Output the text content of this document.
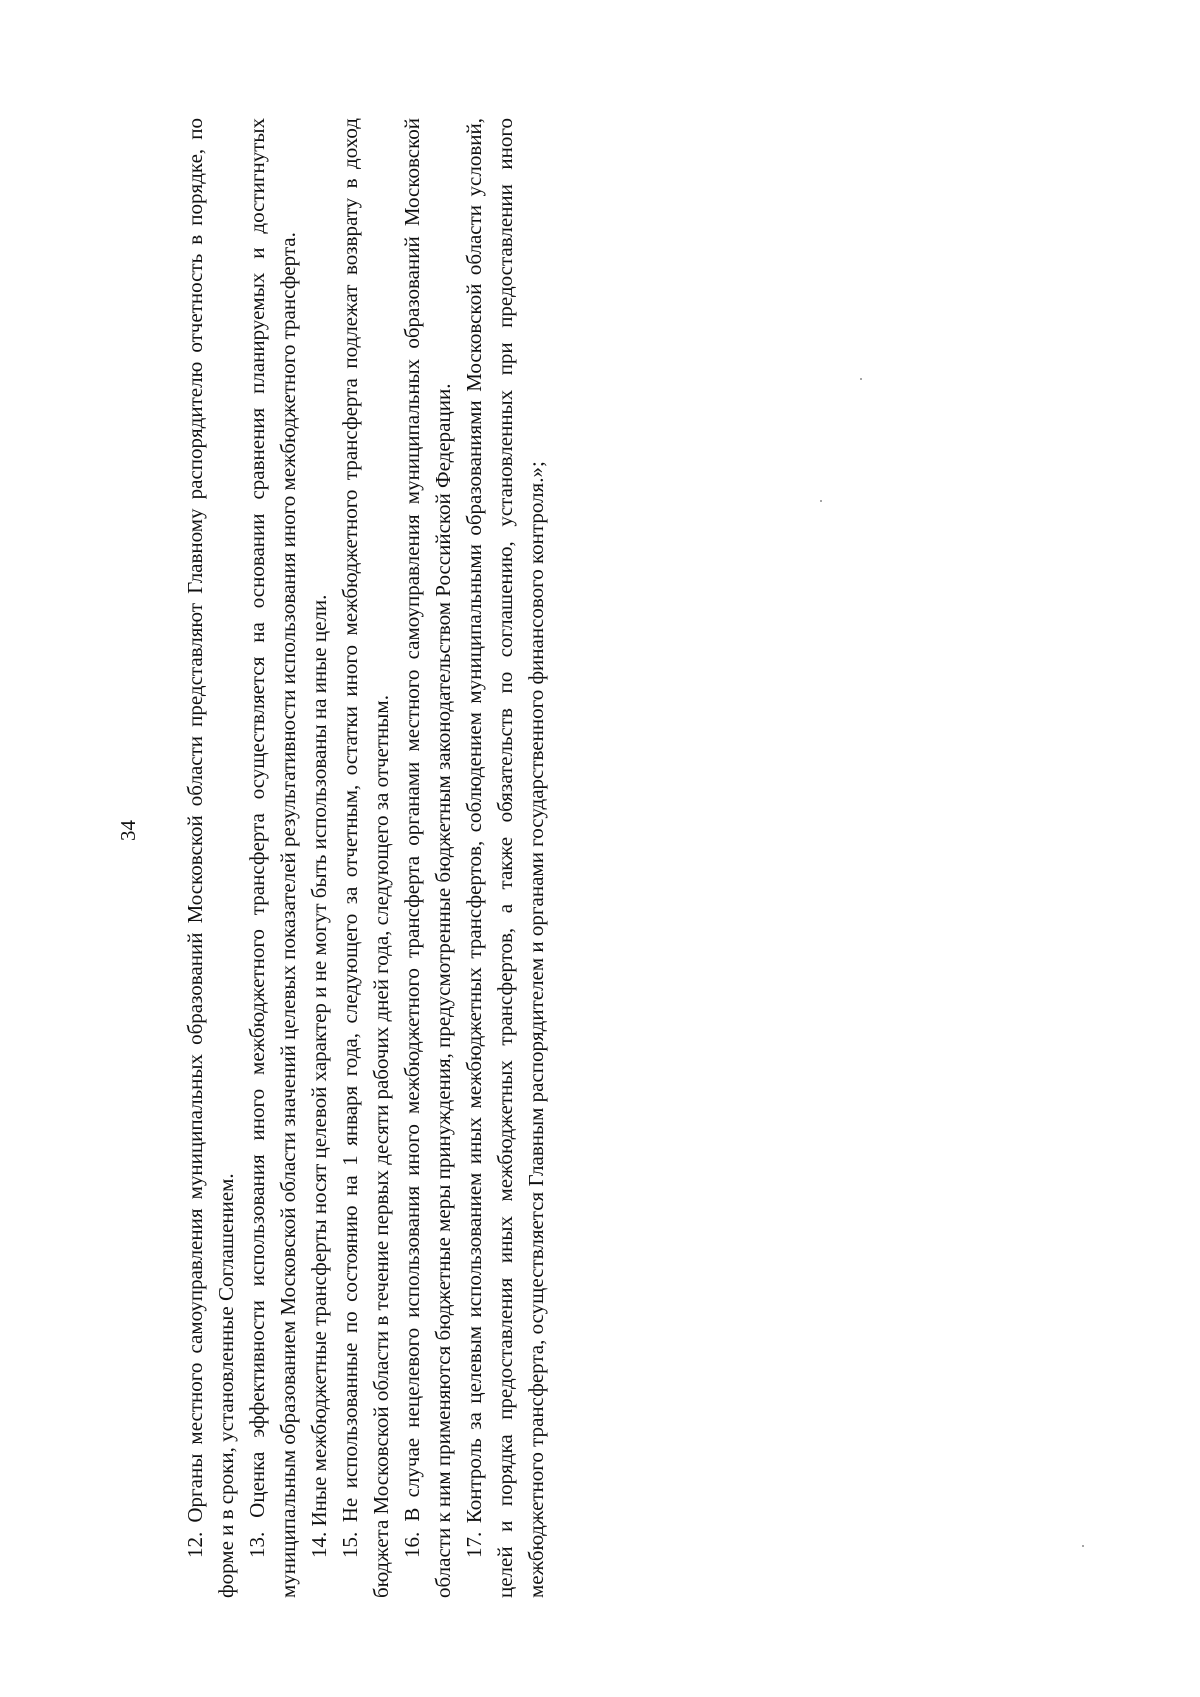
34 12. Органы местного самоуправления муниципальных образований Московской области представляют Главному распорядителю отчетность в порядке, по форме и в сроки, установленные Соглашением. 13. Оценка эффективности использования иного межбюджетного трансферта осуществляется на основании сравнения планируемых и достигнутых муниципальным образованием Московской области значений целевых показателей результативности использования иного межбюджетного трансферта. 14. Иные межбюджетные трансферты носят целевой характер и не могут быть использованы на иные цели. 15. Не использованные по состоянию на 1 января года, следующего за отчетным, остатки иного межбюджетного трансферта подлежат возврату в доход бюджета Московской области в течение первых десяти рабочих дней года, следующего за отчетным. 16. В случае нецелевого использования иного межбюджетного трансферта органами местного самоуправления муниципальных образований Московской области к ним применяются бюджетные меры принуждения, предусмотренные бюджетным законодательством Российской Федерации. 17. Контроль за целевым использованием иных межбюджетных трансфертов, соблюдением муниципальными образованиями Московской области условий, целей и порядка предоставления иных межбюджетных трансфертов, а также обязательств по соглашению, установленных при предоставлении иного межбюджетного трансферта, осуществляется Главным распорядителем и органами государственного финансового контроля.»;
